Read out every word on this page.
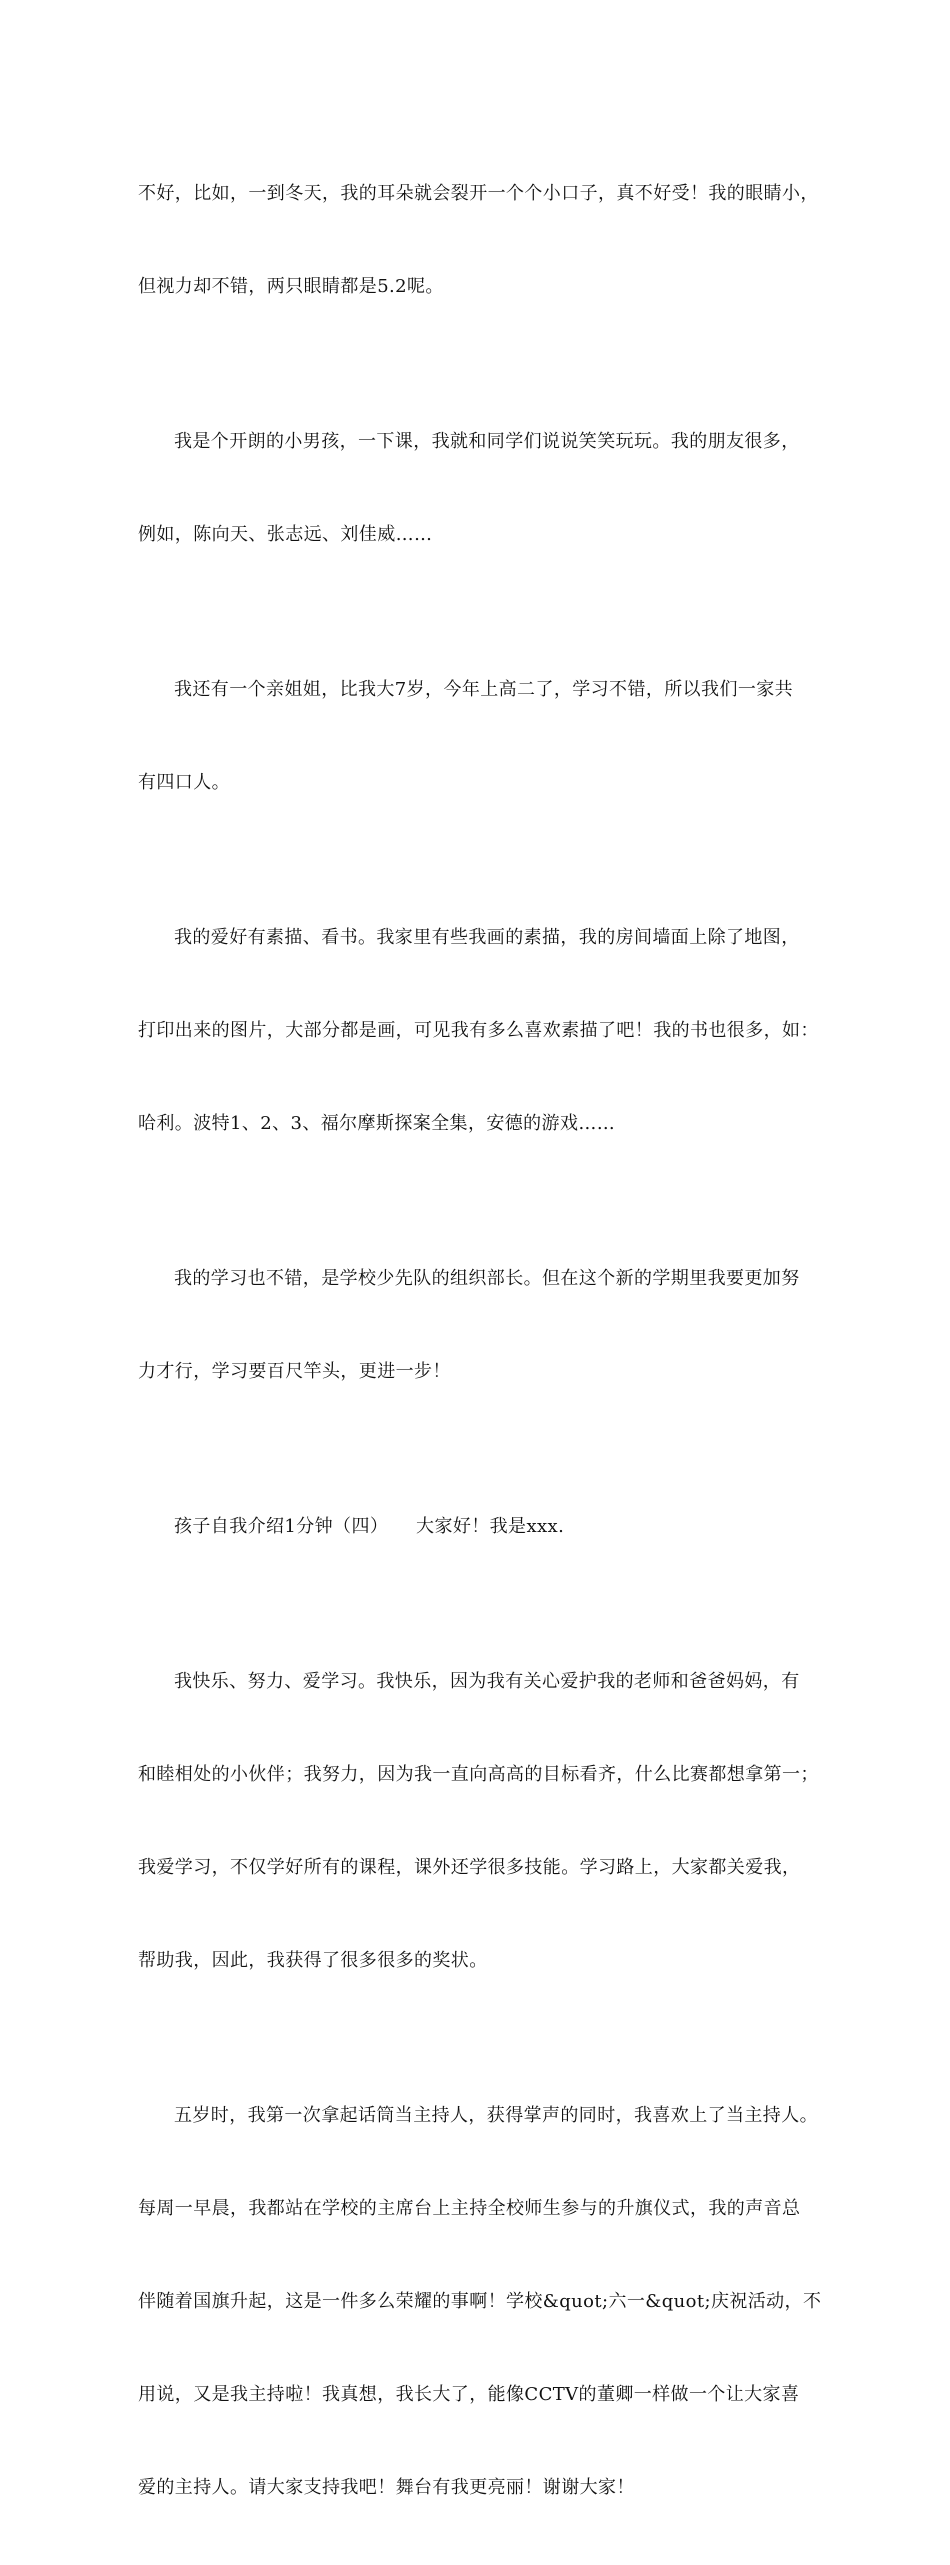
不好，比如，一到冬天，我的耳朵就会裂开一个个小口子，真不好受！我的眼睛小，

但视力却不错，两只眼睛都是5.2呢。

我是个开朗的小男孩，一下课，我就和同学们说说笑笑玩玩。我的朋友很多，

例如，陈向天、张志远、刘佳威……

我还有一个亲姐姐，比我大7岁，今年上高二了，学习不错，所以我们一家共

有四口人。

我的爱好有素描、看书。我家里有些我画的素描，我的房间墙面上除了地图，

打印出来的图片，大部分都是画，可见我有多么喜欢素描了吧！我的书也很多，如：

哈利。波特1、2、3、福尔摩斯探案全集，安德的游戏……

我的学习也不错，是学校少先队的组织部长。但在这个新的学期里我要更加努

力才行，学习要百尺竿头，更进一步！

孩子自我介绍1分钟（四）　　大家好！我是xxx.

我快乐、努力、爱学习。我快乐，因为我有关心爱护我的老师和爸爸妈妈，有

和睦相处的小伙伴；我努力，因为我一直向高高的目标看齐，什么比赛都想拿第一；

我爱学习，不仅学好所有的课程，课外还学很多技能。学习路上，大家都关爱我，

帮助我，因此，我获得了很多很多的奖状。

五岁时，我第一次拿起话筒当主持人，获得掌声的同时，我喜欢上了当主持人。

每周一早晨，我都站在学校的主席台上主持全校师生参与的升旗仪式，我的声音总

伴随着国旗升起，这是一件多么荣耀的事啊！学校&quot;六一&quot;庆祝活动，不

用说，又是我主持啦！我真想，我长大了，能像CCTV的董卿一样做一个让大家喜

爱的主持人。请大家支持我吧！舞台有我更亮丽！谢谢大家！
